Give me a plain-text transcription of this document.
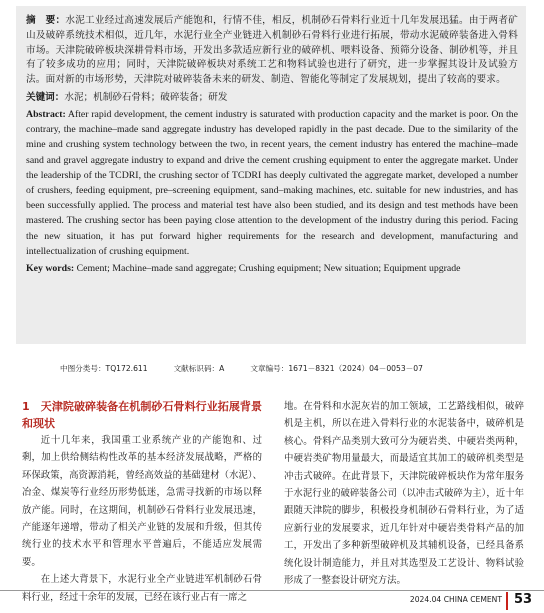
摘　要：水泥工业经过高速发展后产能饱和，行情不佳，相反，机制砂石骨料行业近十几年发展迅猛。由于两者矿山及破碎系统技术相似，近几年，水泥行业全产业链进入机制砂石骨料行业进行拓展，带动水泥破碎装备进入骨料市场。天津院破碎板块深耕骨料市场，开发出多款适应新行业的破碎机、喂料设备、预筛分设备、制砂机等，并且有了较多成功的应用；同时，天津院破碎板块对系统工艺和物料试验也进行了研究，进一步掌握其设计及试验方法。面对新的市场形势，天津院对破碎装备未来的研发、制造、智能化等制定了发展规划，提出了较高的要求。

关键词：水泥；机制砂石骨料；破碎装备；研发

Abstract: After rapid development, the cement industry is saturated with production capacity and the market is poor. On the contrary, the machine–made sand aggregate industry has developed rapidly in the past decade. Due to the similarity of the mine and crushing system technology between the two, in recent years, the cement industry has entered the machine–made sand and gravel aggregate industry to expand and drive the cement crushing equipment to enter the aggregate market. Under the leadership of the TCDRI, the crushing sector of TCDRI has deeply cultivated the aggregate market, developed a number of crushers, feeding equipment, pre–screening equipment, sand–making machines, etc. suitable for new industries, and has been successfully applied. The process and material test have also been studied, and its design and test methods have been mastered. The crushing sector has been paying close attention to the development of the industry during this period. Facing the new situation, it has put forward higher requirements for the research and development, manufacturing and intellectualization of crushing equipment.

Key words: Cement; Machine–made sand aggregate; Crushing equipment; New situation; Equipment upgrade

中图分类号：TQ172.611	文献标识码：A	文章编号：1671－8321（2024）04－0053－07

1　天津院破碎装备在机制砂石骨料行业拓展背景和现状

近十几年来，我国重工业系统产业的产能饱和、过剩，加上供给侧结构性改革的基本经济发展战略，严格的环保政策，高资源消耗，曾经高效益的基础建材（水泥）、冶金、煤炭等行业经历形势低迷，急需寻找新的市场以释放产能。同时，在这期间，机制砂石骨料行业发展迅速，产能逐年递增，带动了相关产业链的发展和升级，但其传统行业的技术水平和管理水平普遍后，不能适应发展需要。

在上述大背景下，水泥行业全产业链进军机制砂石骨料行业，经过十余年的发展，已经在该行业占有一席之

地。在骨料和水泥灰岩的加工领域，工艺路线相似，破碎机是主机，所以在进入骨料行业的水泥装备中，破碎机是核心。骨料产品类别大致可分为硬岩类、中硬岩类两种，中硬岩类矿物用量最大，而最适宜其加工的破碎机类型是冲击式破碎。在此背景下，天津院破碎板块作为常年服务于水泥行业的破碎装备公司（以冲击式破碎为主），近十年跟随天津院的脚步，积极投身机制砂石骨料行业，为了适应新行业的发展要求，近几年针对中硬岩类骨料产品的加工，开发出了多种新型破碎机及其辅机设备，已经具备系统化设计制造能力，并且对其选型及工艺设计、物料试验形成了一整套设计研究方法。

2024.04 CHINA CEMENT 53
